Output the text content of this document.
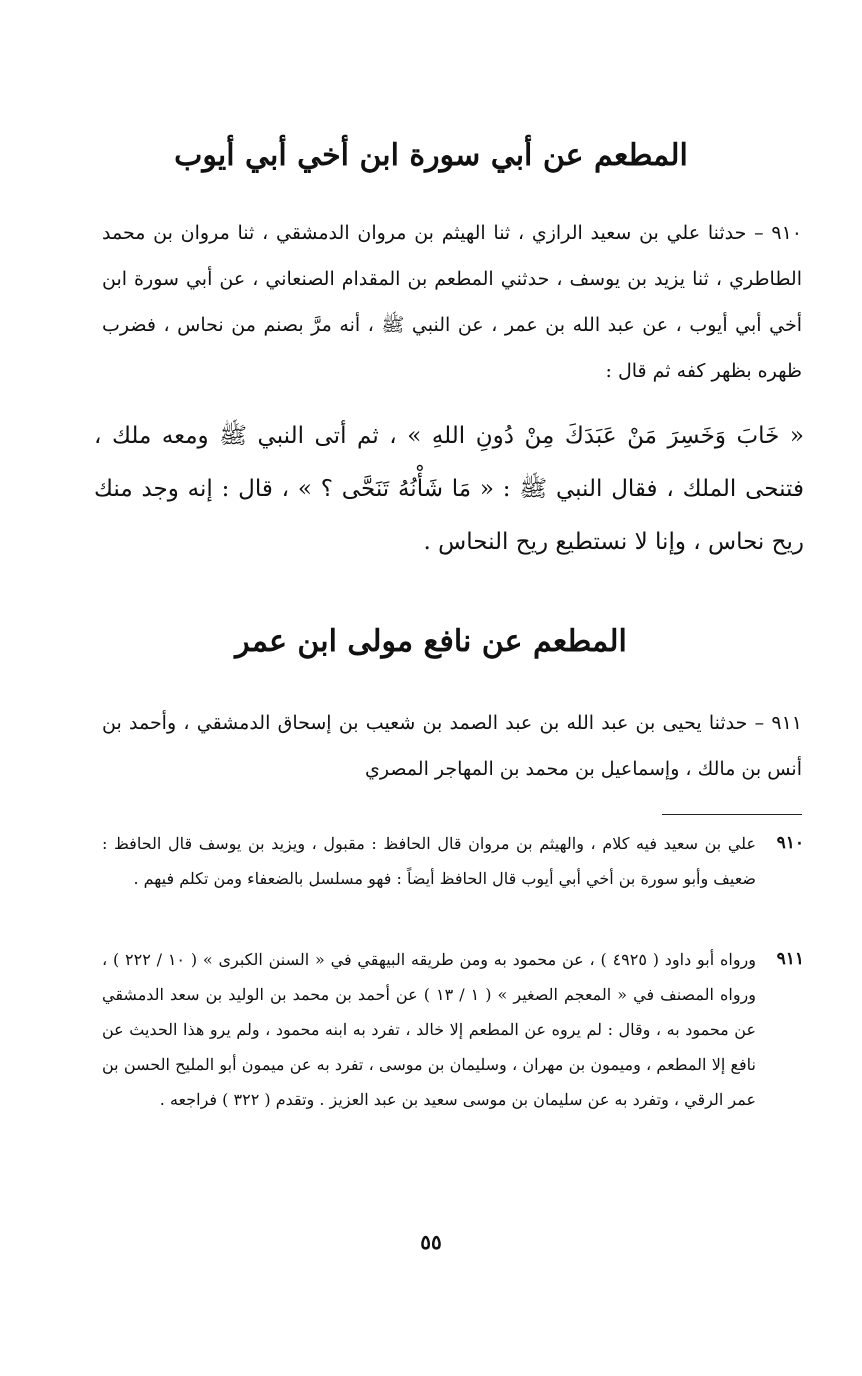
المطعم عن أبي سورة ابن أخي أبي أيوب
٩١٠ – حدثنا علي بن سعيد الرازي ، ثنا الهيثم بن مروان الدمشقي ، ثنا مروان بن محمد الطاطري ، ثنا يزيد بن يوسف ، حدثني المطعم بن المقدام الصنعاني ، عن أبي سورة ابن أخي أبي أيوب ، عن عبد الله بن عمر ، عن النبي ﷺ ، أنه مرَّ بصنم من نحاس ، فضرب ظهره بظهر كفه ثم قال :
« خَابَ وَخَسِرَ مَنْ عَبَدَكَ مِنْ دُونِ اللهِ » ، ثم أتى النبي ﷺ ومعه ملك ، فتنحى الملك ، فقال النبي ﷺ : « مَا شَأْنُهُ تَنَحَّى ؟ » ، قال : إنه وجد منك ريح نحاس ، وإنا لا نستطيع ريح النحاس .
المطعم عن نافع مولى ابن عمر
٩١١ – حدثنا يحيى بن عبد الله بن عبد الصمد بن شعيب بن إسحاق الدمشقي ، وأحمد بن أنس بن مالك ، وإسماعيل بن محمد بن المهاجر المصري
٩١٠
علي بن سعيد فيه كلام ، والهيثم بن مروان قال الحافظ : مقبول ، ويزيد بن يوسف قال الحافظ : ضعيف وأبو سورة بن أخي أبي أيوب قال الحافظ أيضاً : فهو مسلسل بالضعفاء ومن تكلم فيهم .
٩١١
ورواه أبو داود ( ٤٩٢٥ ) ، عن محمود به ومن طريقه البيهقي في « السنن الكبرى » ( ١٠ / ٢٢٢ ) ، ورواه المصنف في « المعجم الصغير » ( ١ / ١٣ ) عن أحمد بن محمد بن الوليد بن سعد الدمشقي عن محمود به ، وقال : لم يروه عن المطعم إلا خالد ، تفرد به ابنه محمود ، ولم يرو هذا الحديث عن نافع إلا المطعم ، وميمون بن مهران ، وسليمان بن موسى ، تفرد به عن ميمون أبو المليح الحسن بن عمر الرقي ، وتفرد به عن سليمان بن موسى سعيد بن عبد العزيز . وتقدم ( ٣٢٢ ) فراجعه .
٥٥
